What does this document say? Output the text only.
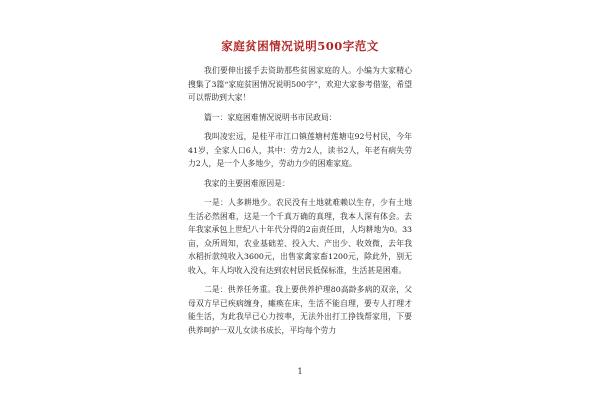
家庭贫困情况说明500字范文

我们要伸出援手去资助那些贫困家庭的人。小编为大家精心搜集了3篇“家庭贫困情况说明500字”，欢迎大家参考借鉴，希望可以帮助到大家！

篇一：家庭困难情况说明书市民政局：

我叫凌宏远，是桂平市江口镇莲塘村莲塘屯92号村民，今年41岁，全家人口6人，其中：劳力2人，读书2人，年老有病失劳力2人，是一个人多地少，劳动力少的困难家庭。

我家的主要困难原因是：

一是：人多耕地少。农民没有土地就难赖以生存，少有土地生活必然困难，这是一个千真万确的真理，我本人深有体会。去年我家承包上世纪八十年代分得的2亩责任田，人均耕地为0。33亩，众所周知，农业基础差、投入大、产出少、收效微，去年我水稻折款纯收入3600元，出售家禽家畜1200元，除此外，别无收入，年人均收入没有达到农村居民低保标准，生活甚是困难。

二是：供养任务重。我上要供养护理80高龄多病的双亲，父母双方早已疾病缠身，瘫痪在床，生活不能自理，要专人打理才能生活，为此我早已心力按率，无法外出打工挣钱帮家用，下要供养呵护一双儿女读书成长，平均每个劳力

1
